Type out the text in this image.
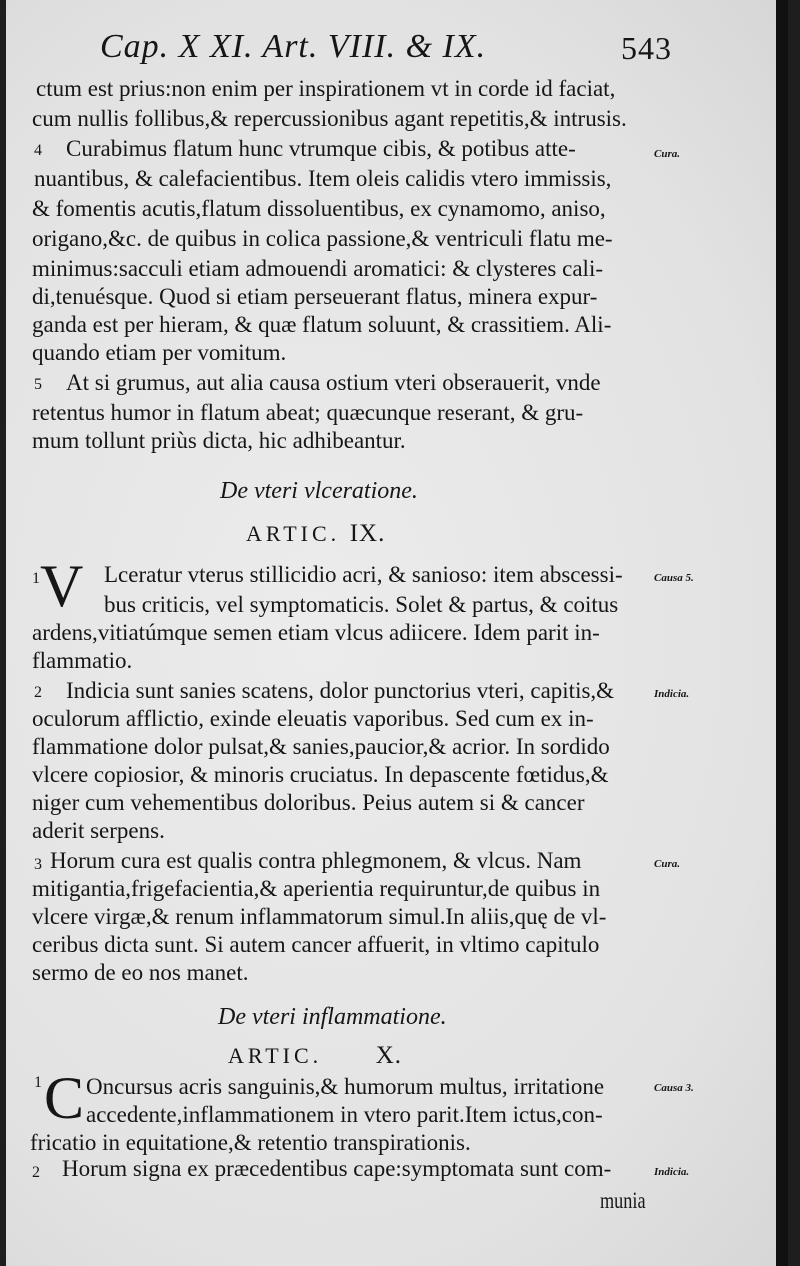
Cap. X XI. Art. VIII. & IX.	543
ctum est prius:non enim per inspirationem vt in corde id faciat,
cum nullis follibus,& repercussionibus agant repetitis,& intrusis.
4 Curabimus flatum hunc vtrumque cibis, & potibus atte-	Cura.
nuantibus, & calefacientibus. Item oleis calidis vtero immissis,
& fomentis acutis,flatum dissoluentibus, ex cynamomo, aniso,
origano,&c. de quibus in colica passione,& ventriculi flatu me-
minimus:sacculi etiam admouendi aromatici: & clysteres cali-
di,tenuésque. Quod si etiam perseuerant flatus, minera expur-
ganda est per hieram, & quæ flatum soluunt, & crassitiem. Ali-
quando etiam per vomitum.
5 At si grumus, aut alia causa ostium vteri obserauerit, vnde
retentus humor in flatum abeat; quæcunque reserant, & gru-
mum tollunt priùs dicta, hic adhibeantur.
De vteri vlceratione.
ARTIC. IX.
1 V Lceratur vterus stillicidio acri, & sanioso: item abscessi-	Causa 5.
bus criticis, vel symptomaticis. Solet & partus, & coitus
ardens,vitiatúmque semen etiam vlcus adiicere. Idem parit in-
flammatio.
2 Indicia sunt sanies scatens, dolor punctorius vteri, capitis,&	Indicia.
oculorum afflictio, exinde eleuatis vaporibus. Sed cum ex in-
flammatione dolor pulsat,& sanies,paucior,& acrior. In sordido
vlcere copiosior, & minoris cruciatus. In depascente fœtidus,&
niger cum vehementibus doloribus. Peius autem si & cancer
aderit serpens.
3 Horum cura est qualis contra phlegmonem, & vlcus. Nam	Cura.
mitigantia,frigefacientia,& aperientia requiruntur,de quibus in
vlcere virgæ,& renum inflammatorum simul.In aliis,quę de vl-
ceribus dicta sunt. Si autem cancer affuerit, in vltimo capitulo
sermo de eo nos manet.
De vteri inflammatione.
ARTIC. X.
1 C Oncursus acris sanguinis,& humorum multus, irritatione	Causa 3.
accedente,inflammationem in vtero parit.Item ictus,con-
fricatio in equitatione,& retentio transpirationis.
2 Horum signa ex præcedentibus cape:symptomata sunt com-	Indicia.
munia
